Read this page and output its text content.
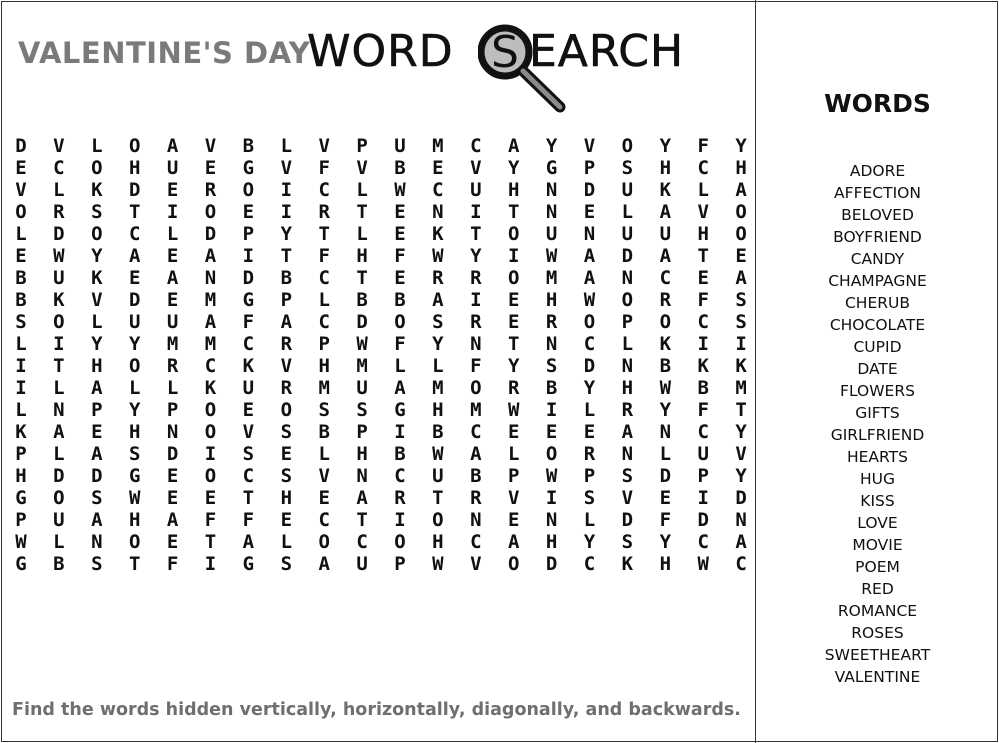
VALENTINE'S DAY
WORD S EARCH
D	V	L	O	A	V	B	L	V	P	U	M	C	A	Y	V	O	Y	F	Y
E	C	O	H	U	E	G	V	F	V	B	E	V	Y	G	P	S	H	C	H
V	L	K	D	E	R	O	I	C	L	W	C	U	H	N	D	U	K	L	A
O	R	S	T	I	O	E	I	R	T	E	N	I	T	N	E	L	A	V	O
L	D	O	C	L	D	P	Y	T	L	E	K	T	O	U	N	U	U	H	O
E	W	Y	A	E	A	I	T	F	H	F	W	Y	I	W	A	D	A	T	E
B	U	K	E	A	N	D	B	C	T	E	R	R	O	M	A	N	C	E	A
B	K	V	D	E	M	G	P	L	B	B	A	I	E	H	W	O	R	F	S
S	O	L	U	U	A	F	A	C	D	O	S	R	E	R	О	P	O	C	S
L	I	Y	Y	M	M	C	R	P	W	F	Y	N	T	N	C	L	K	I	I
I	T	H	O	R	C	K	V	H	M	L	L	F	Y	S	D	N	B	K	K
I	L	A	L	L	K	U	R	M	U	A	M	O	R	B	Y	H	W	B	M
L	N	P	Y	P	O	E	O	S	S	G	H	M	W	I	L	R	Y	F	T
K	A	E	H	N	O	V	S	B	P	I	B	C	E	E	E	A	N	C	Y
P	L	A	S	D	I	S	E	L	H	B	W	A	L	O	R	N	L	U	V
H	D	D	G	E	O	C	S	V	N	C	U	B	P	W	P	S	D	P	Y
G	O	S	W	E	E	T	H	E	A	R	T	R	V	I	S	V	E	I	D
P	U	A	H	A	F	F	E	C	T	I	O	N	E	N	L	D	F	D	N
W	L	N	O	E	T	A	L	O	C	O	H	C	A	H	Y	S	Y	C	A
G	B	S	T	F	I	G	S	A	U	P	W	V	O	D	C	K	H	W	C
Find the words hidden vertically, horizontally, diagonally, and backwards.
WORDS
ADORE
AFFECTION
BELOVED
BOYFRIEND
CANDY
CHAMPAGNE
CHERUB
CHOCOLATE
CUPID
DATE
FLOWERS
GIFTS
GIRLFRIEND
HEARTS
HUG
KISS
LOVE
MOVIE
POEM
RED
ROMANCE
ROSES
SWEETHEART
VALENTINE
